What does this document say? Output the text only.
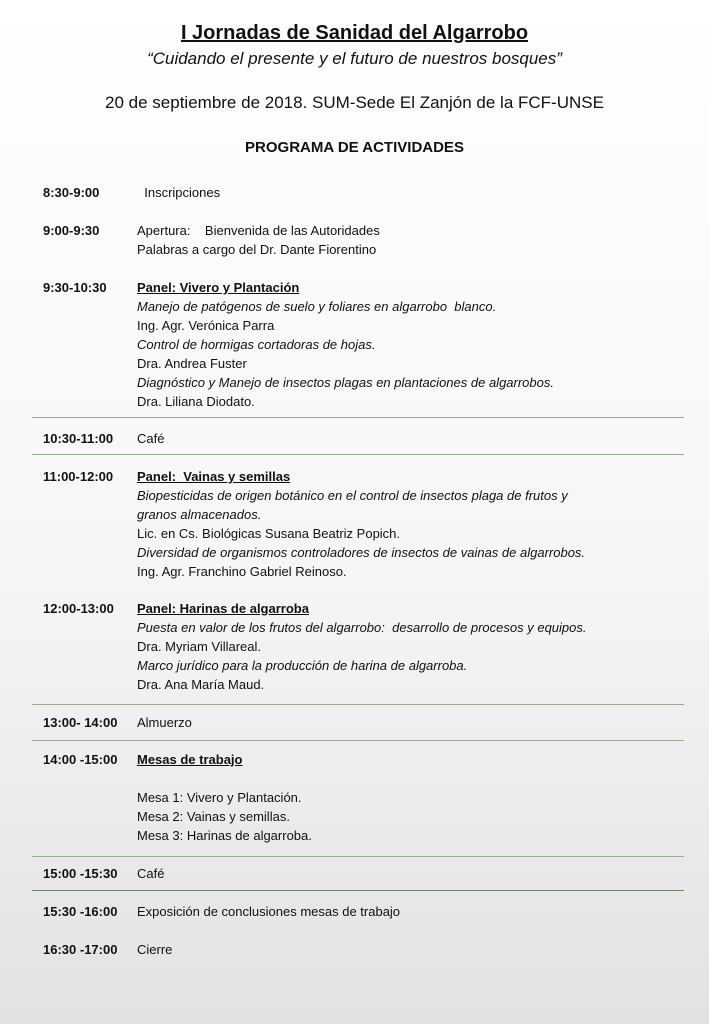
I Jornadas de Sanidad del Algarrobo
“Cuidando el presente y el futuro de nuestros bosques”
20 de septiembre de 2018. SUM-Sede El Zanjón de la FCF-UNSE
PROGRAMA DE ACTIVIDADES
8:30-9:00	Inscripciones
9:00-9:30	Apertura:    Bienvenida de las Autoridades
Palabras a cargo del Dr. Dante Fiorentino
9:30-10:30 Panel: Vivero y Plantación
Manejo de patógenos de suelo y foliares en algarrobo  blanco.
Ing. Agr. Verónica Parra
Control de hormigas cortadoras de hojas.
Dra. Andrea Fuster
Diagnóstico y Manejo de insectos plagas en plantaciones de algarrobos.
Dra. Liliana Diodato.
10:30-11:00 Café
11:00-12:00 Panel:  Vainas y semillas
Biopesticidas de origen botánico en el control de insectos plaga de frutos y
granos almacenados.
Lic. en Cs. Biológicas Susana Beatriz Popich.
Diversidad de organismos controladores de insectos de vainas de algarrobos.
Ing. Agr. Franchino Gabriel Reinoso.
12:00-13:00 Panel: Harinas de algarroba
Puesta en valor de los frutos del algarrobo:  desarrollo de procesos y equipos.
Dra. Myriam Villareal.
Marco jurídico para la producción de harina de algarroba.
Dra. Ana María Maud.
13:00- 14:00 Almuerzo
14:00 -15:00 Mesas de trabajo
Mesa 1: Vivero y Plantación.
Mesa 2: Vainas y semillas.
Mesa 3: Harinas de algarroba.
15:00 -15:30 Café
15:30 -16:00 Exposición de conclusiones mesas de trabajo
16:30 -17:00 Cierre
